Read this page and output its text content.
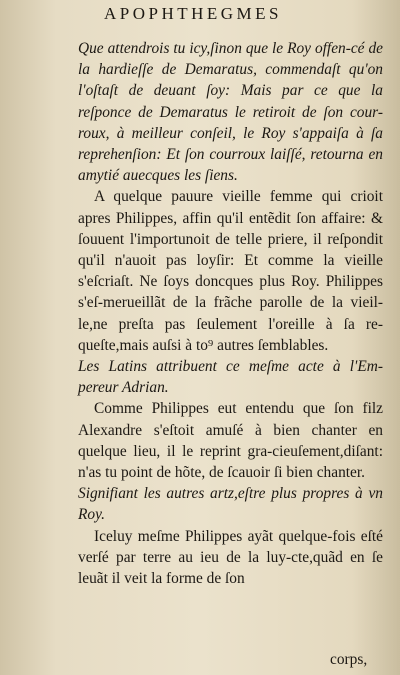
APOPHTHEGMES

Que attendrois tu icy,ſinon que le Roy offen-cé de la hardieſſe de Demaratus, commendaſt qu'on l'oſtaſt de deuant ſoy: Mais par ce que la reſponce de Demaratus le retiroit de ſon cour-roux, à meilleur conſeil, le Roy s'appaiſa à ſa reprehenſion: Et ſon courroux laiſſé, retourna en amytié auecques les ſiens.

A quelque pauure vieille femme qui crioit apres Philippes, affin qu'il entẽdit ſon affaire: & ſouuent l'importunoit de telle priere, il reſpondit qu'il n'auoit pas loyſir: Et comme la vieille s'eſcriaſt. Ne ſoys doncques plus Roy. Philippes s'eſ-merueillãt de la frãche parolle de la vieil-le,ne preſta pas ſeulement l'oreille à ſa re-queſte,mais auſsi à to⁹ autres ſemblables.

Les Latins attribuent ce meſme acte à l'Em-pereur Adrian.

Comme Philippes eut entendu que ſon filz Alexandre s'eſtoit amuſé à bien chanter en quelque lieu, il le reprint gra-cieuſement,diſant: n'as tu point de hõte, de ſcauoir ſi bien chanter.

Signifiant les autres artz,eſtre plus propres à vn Roy.

Iceluy meſme Philippes ayãt quelque-fois eſté verſé par terre au ieu de la luy-cte,quãd en ſe leuãt il veit la forme de ſon

corps,
